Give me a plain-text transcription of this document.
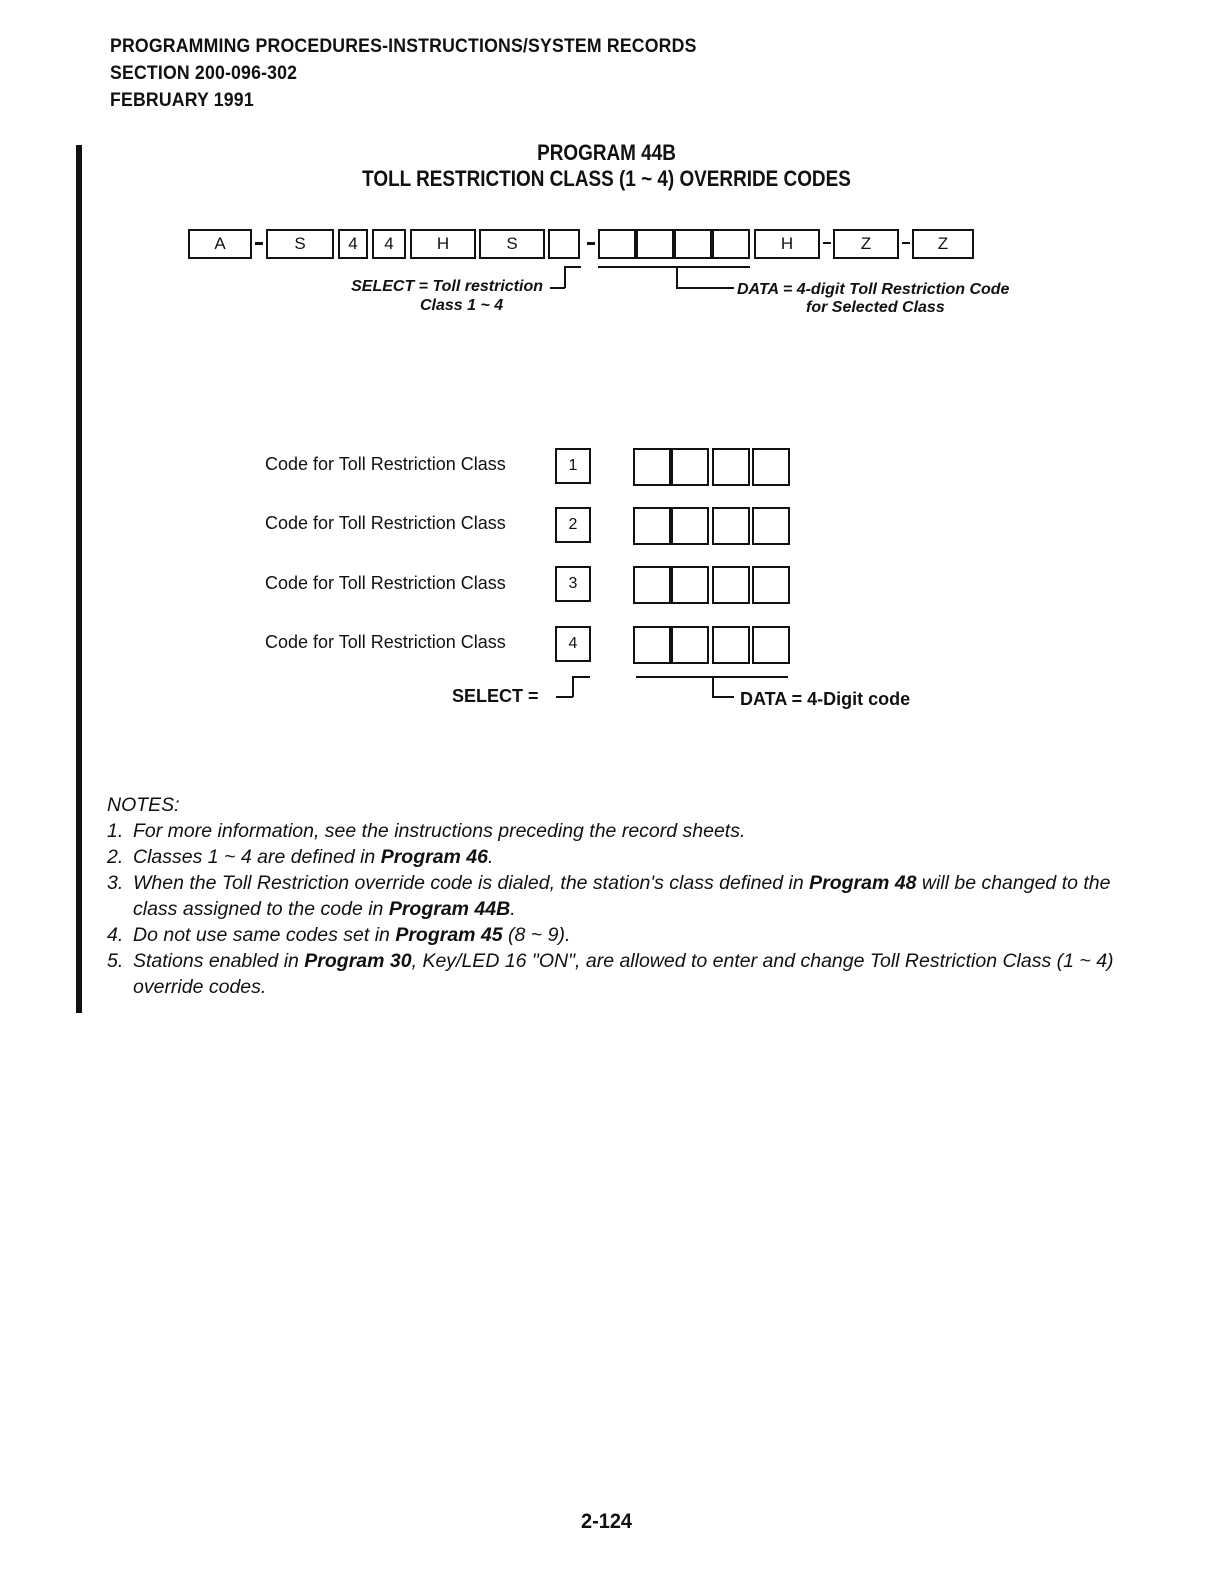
PROGRAMMING PROCEDURES-INSTRUCTIONS/SYSTEM RECORDS
SECTION 200-096-302
FEBRUARY 1991
PROGRAM 44B
TOLL RESTRICTION CLASS (1 ~ 4) OVERRIDE CODES
A	S	4	4	H	S	H	Z	Z
SELECT = Toll restriction
Class 1 ~ 4
DATA = 4-digit Toll Restriction Code
for Selected Class
Code for Toll Restriction Class	1
Code for Toll Restriction Class	2
Code for Toll Restriction Class	3
Code for Toll Restriction Class	4
SELECT =	DATA = 4-Digit code
NOTES:
1. For more information, see the instructions preceding the record sheets.
2. Classes 1 ~ 4 are defined in Program 46.
3. When the Toll Restriction override code is dialed, the station's class defined in Program 48 will be changed to the class assigned to the code in Program 44B.
4. Do not use same codes set in Program 45 (8 ~ 9).
5. Stations enabled in Program 30, Key/LED 16 "ON", are allowed to enter and change Toll Restriction Class (1 ~ 4) override codes.
2-124
